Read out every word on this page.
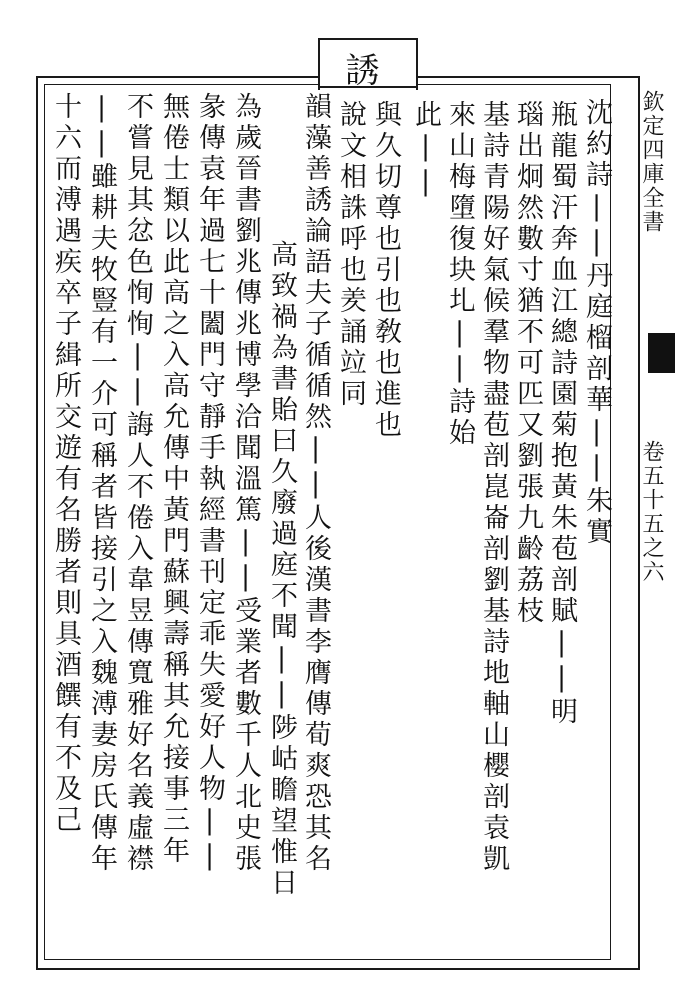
誘
欽定四庫全書
卷五十五之六
沈約詩||丹庭榴剖華||朱實
瓶龍蜀汗奔血江總詩園菊抱黃朱苞剖賦||明
瑙出炯然數寸猶不可匹又劉張九齡荔枝
基詩青陽好氣候羣物盡苞剖崑崙剖劉基詩地軸山櫻剖袁凱
來山梅墮復块圠||詩始
此||
與久切尊也引也敎也進也
說文相誅呼也羑誦竝同
韻藻善誘論語夫子循循然||人後漢書李膺傳荀爽恐其名
高致禍為書貽曰久廢過庭不聞||陟岵瞻望惟日
為歲晉書劉兆傳兆博學洽聞溫篤||受業者數千人北史張
彖傳袁年過七十闔門守靜手執經書刊定乖失愛好人物||
無倦士類以此高之入高允傳中黃門蘇興壽稱其允接事三年
不嘗見其忿色恂恂||誨人不倦入韋昱傳寬雅好名義虛襟
||雖耕夫牧豎有一介可稱者皆接引之入魏溥妻房氏傳年
十六而溥遇疾卒子緝所交遊有名勝者則具酒饌有不及己
